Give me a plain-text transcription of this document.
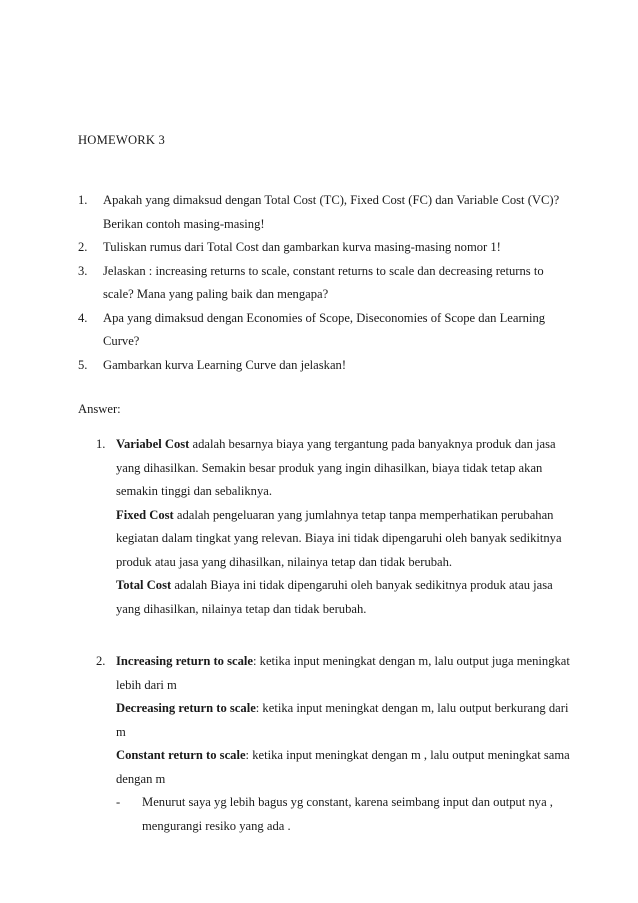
HOMEWORK 3
1. Apakah yang dimaksud dengan Total Cost (TC), Fixed Cost (FC) dan Variable Cost (VC)? Berikan contoh masing-masing!
2. Tuliskan rumus dari Total Cost dan gambarkan kurva masing-masing nomor 1!
3. Jelaskan : increasing returns to scale, constant returns to scale dan decreasing returns to scale? Mana yang paling baik dan mengapa?
4. Apa yang dimaksud dengan Economies of Scope, Diseconomies of Scope dan Learning Curve?
5. Gambarkan kurva Learning Curve dan jelaskan!

Answer:

1. Variabel Cost adalah besarnya biaya yang tergantung pada banyaknya produk dan jasa yang dihasilkan. Semakin besar produk yang ingin dihasilkan, biaya tidak tetap akan semakin tinggi dan sebaliknya.

Fixed Cost adalah pengeluaran yang jumlahnya tetap tanpa memperhatikan perubahan kegiatan dalam tingkat yang relevan. Biaya ini tidak dipengaruhi oleh banyak sedikitnya produk atau jasa yang dihasilkan, nilainya tetap dan tidak berubah.

Total Cost adalah Biaya ini tidak dipengaruhi oleh banyak sedikitnya produk atau jasa yang dihasilkan, nilainya tetap dan tidak berubah.

2. Increasing return to scale: ketika input meningkat dengan m, lalu output juga meningkat lebih dari m

Decreasing return to scale: ketika input meningkat dengan m, lalu output berkurang dari m

Constant return to scale: ketika input meningkat dengan m , lalu output meningkat sama dengan m

- Menurut saya yg lebih bagus yg constant, karena seimbang input dan output nya , mengurangi resiko yang ada .
